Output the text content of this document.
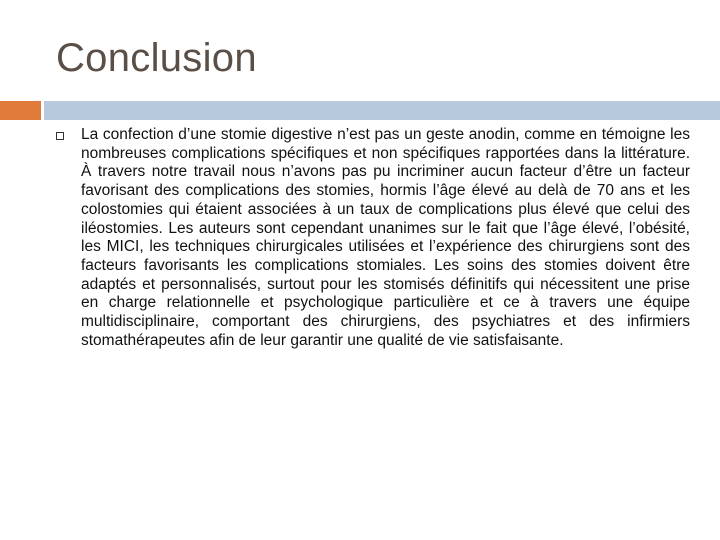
Conclusion

La confection d’une stomie digestive n’est pas un geste anodin, comme en témoigne les nombreuses complications spécifiques et non spécifiques rapportées dans la littérature. À travers notre travail nous n’avons pas pu incriminer aucun facteur d’être un facteur favorisant des complications des stomies, hormis l’âge élevé au delà de 70 ans et les colostomies qui étaient associées à un taux de complications plus élevé que celui des iléostomies. Les auteurs sont cependant unanimes sur le fait que l’âge élevé, l’obésité, les MICI, les techniques chirurgicales utilisées et l’expérience des chirurgiens sont des facteurs favorisants les complications stomiales. Les soins des stomies doivent être adaptés et personnalisés, surtout pour les stomisés définitifs qui nécessitent une prise en charge relationnelle et psychologique particulière et ce à travers une équipe multidisciplinaire, comportant des chirurgiens, des psychiatres et des infirmiers stomathérapeutes afin de leur garantir une qualité de vie satisfaisante.
